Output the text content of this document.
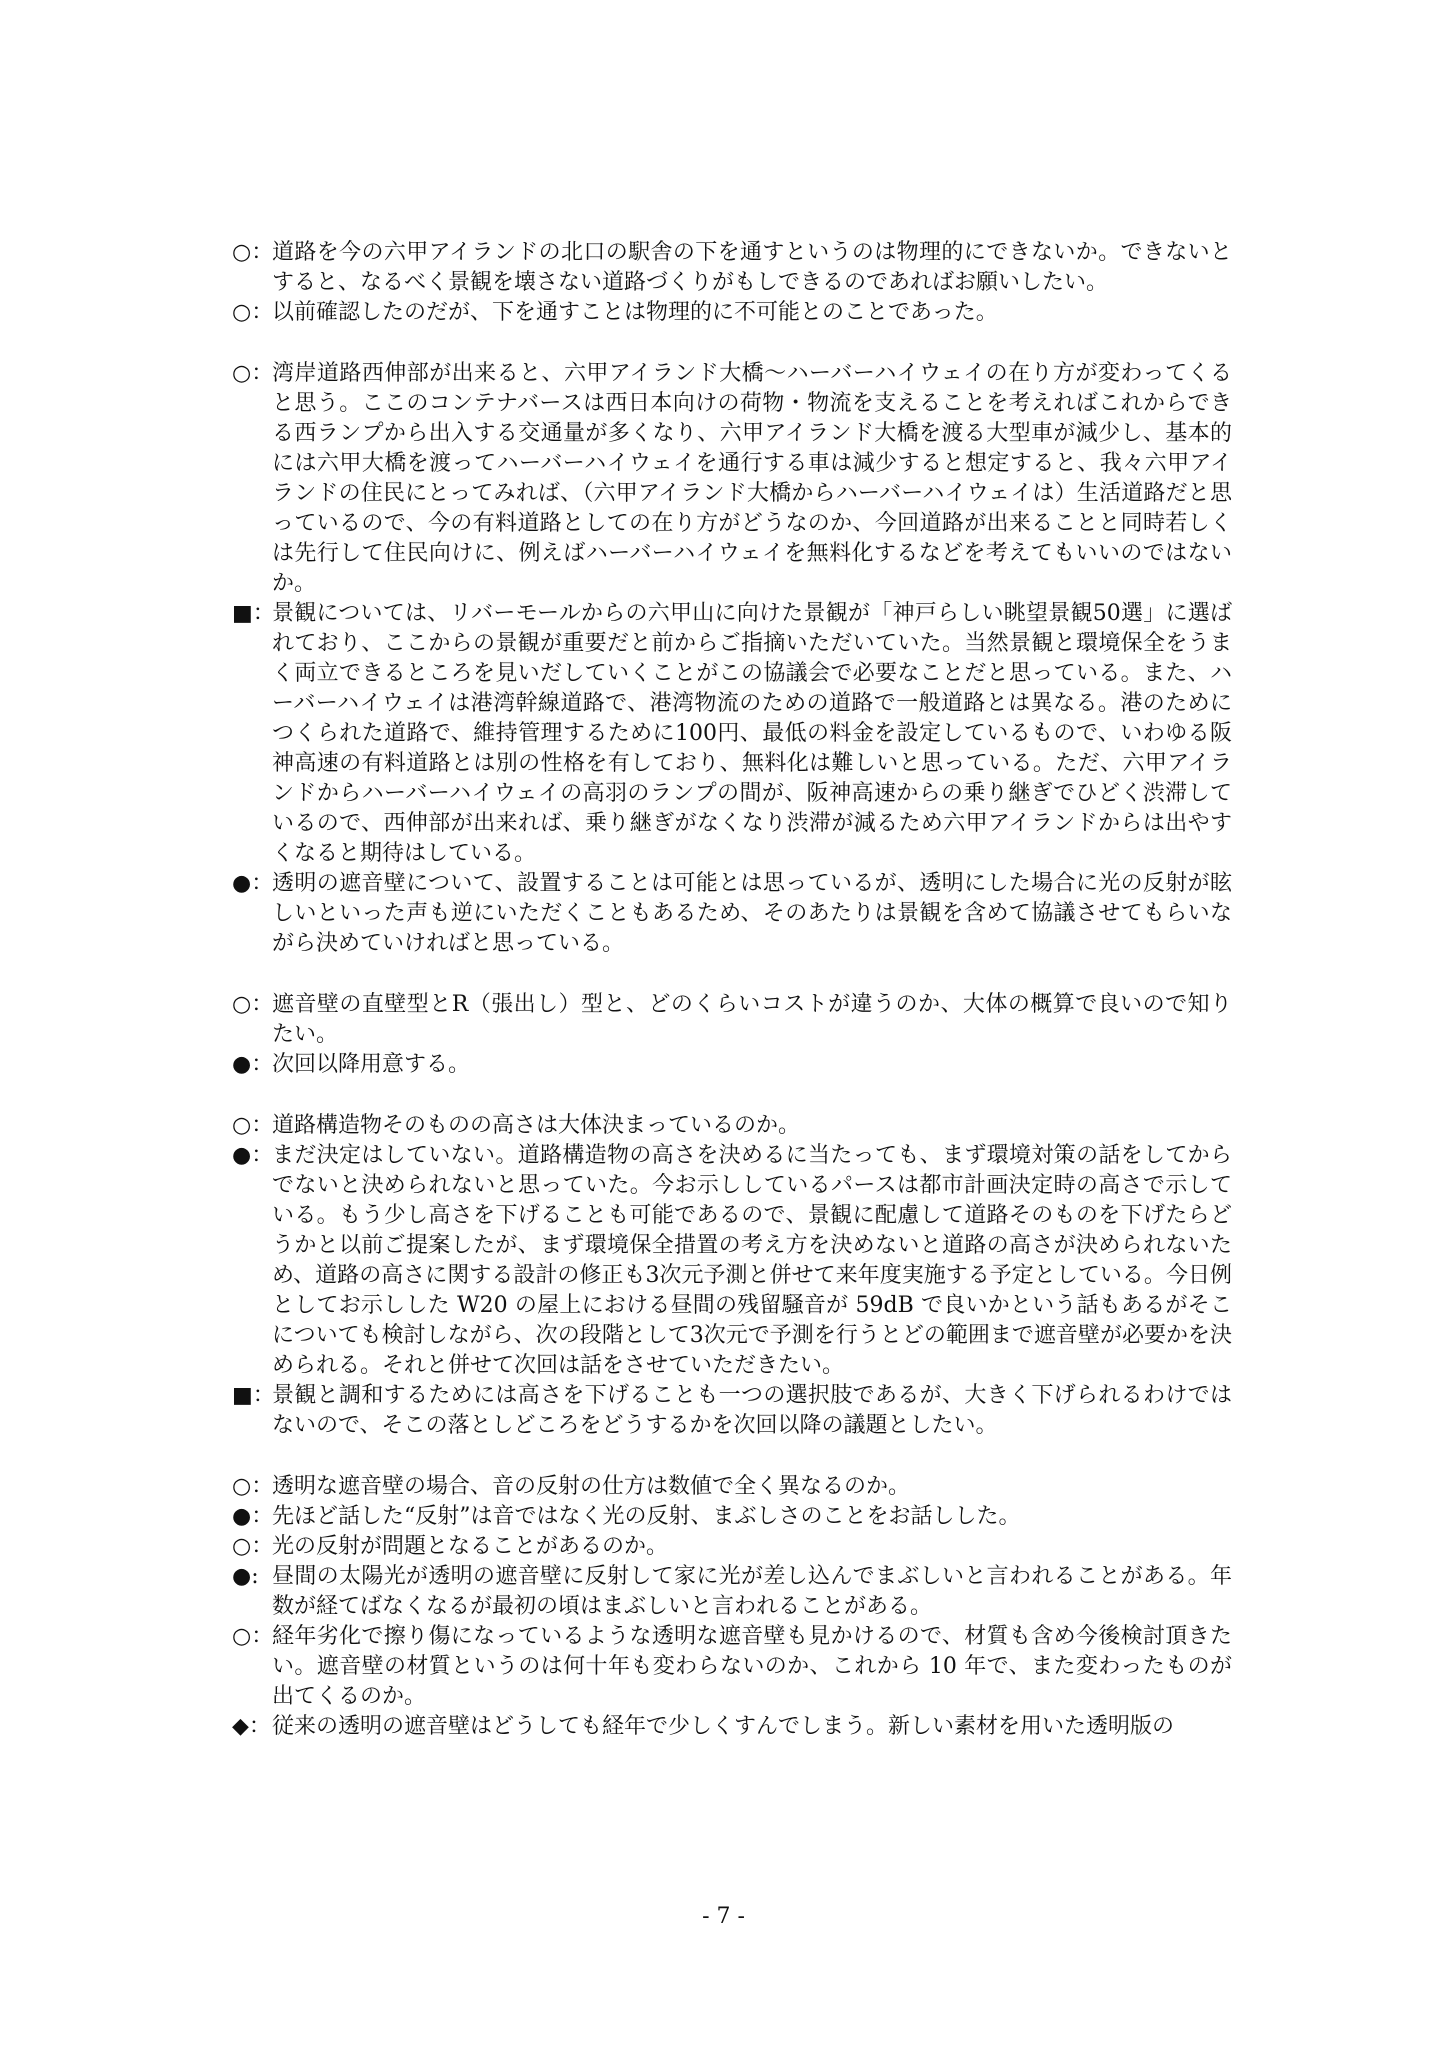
○：
道路を今の六甲アイランドの北口の駅舎の下を通すというのは物理的にできないか。できないとすると、なるべく景観を壊さない道路づくりがもしできるのであればお願いしたい。
○：
以前確認したのだが、下を通すことは物理的に不可能とのことであった。
○：
湾岸道路西伸部が出来ると、六甲アイランド大橋～ハーバーハイウェイの在り方が変わってくると思う。ここのコンテナバースは西日本向けの荷物・物流を支えることを考えればこれからできる西ランプから出入する交通量が多くなり、六甲アイランド大橋を渡る大型車が減少し、基本的には六甲大橋を渡ってハーバーハイウェイを通行する車は減少すると想定すると、我々六甲アイランドの住民にとってみれば、（六甲アイランド大橋からハーバーハイウェイは）生活道路だと思っているので、今の有料道路としての在り方がどうなのか、今回道路が出来ることと同時若しくは先行して住民向けに、例えばハーバーハイウェイを無料化するなどを考えてもいいのではないか。
■：
景観については、リバーモールからの六甲山に向けた景観が「神戸らしい眺望景観50選」に選ばれており、ここからの景観が重要だと前からご指摘いただいていた。当然景観と環境保全をうまく両立できるところを見いだしていくことがこの協議会で必要なことだと思っている。また、ハーバーハイウェイは港湾幹線道路で、港湾物流のための道路で一般道路とは異なる。港のためにつくられた道路で、維持管理するために100円、最低の料金を設定しているもので、いわゆる阪神高速の有料道路とは別の性格を有しており、無料化は難しいと思っている。ただ、六甲アイランドからハーバーハイウェイの高羽のランプの間が、阪神高速からの乗り継ぎでひどく渋滞しているので、西伸部が出来れば、乗り継ぎがなくなり渋滞が減るため六甲アイランドからは出やすくなると期待はしている。
●：
透明の遮音壁について、設置することは可能とは思っているが、透明にした場合に光の反射が眩しいといった声も逆にいただくこともあるため、そのあたりは景観を含めて協議させてもらいながら決めていければと思っている。
○：
遮音壁の直壁型とR（張出し）型と、どのくらいコストが違うのか、大体の概算で良いので知りたい。
●：
次回以降用意する。
○：
道路構造物そのものの高さは大体決まっているのか。
●：
まだ決定はしていない。道路構造物の高さを決めるに当たっても、まず環境対策の話をしてからでないと決められないと思っていた。今お示ししているパースは都市計画決定時の高さで示している。もう少し高さを下げることも可能であるので、景観に配慮して道路そのものを下げたらどうかと以前ご提案したが、まず環境保全措置の考え方を決めないと道路の高さが決められないため、道路の高さに関する設計の修正も3次元予測と併せて来年度実施する予定としている。今日例としてお示しした W20 の屋上における昼間の残留騒音が 59dB で良いかという話もあるがそこについても検討しながら、次の段階として3次元で予測を行うとどの範囲まで遮音壁が必要かを決められる。それと併せて次回は話をさせていただきたい。
■：
景観と調和するためには高さを下げることも一つの選択肢であるが、大きく下げられるわけではないので、そこの落としどころをどうするかを次回以降の議題としたい。
○：
透明な遮音壁の場合、音の反射の仕方は数値で全く異なるのか。
●：
先ほど話した“反射”は音ではなく光の反射、まぶしさのことをお話しした。
○：
光の反射が問題となることがあるのか。
●: 昼間の太陽光が透明の遮音壁に反射して家に光が差し込んでまぶしいと言われることがある。年数が経てばなくなるが最初の頃はまぶしいと言われることがある。
○：
経年劣化で擦り傷になっているような透明な遮音壁も見かけるので、材質も含め今後検討頂きたい。遮音壁の材質というのは何十年も変わらないのか、これから 10 年で、また変わったものが出てくるのか。
◆： 従来の透明の遮音壁はどうしても経年で少しくすんでしまう。新しい素材を用いた透明版の
- 7 -
